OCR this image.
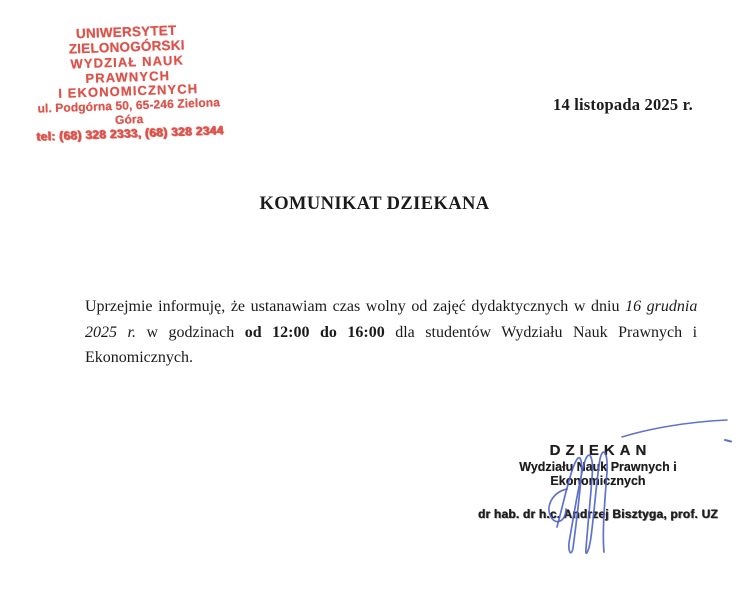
UNIWERSYTET ZIELONOGÓRSKI
WYDZIAŁ NAUK PRAWNYCH
I EKONOMICZNYCH
ul. Podgórna 50, 65-246 Zielona Góra
tel: (68) 328 2333, (68) 328 2344
14 listopada 2025 r.
KOMUNIKAT DZIEKANA
Uprzejmie informuję, że ustanawiam czas wolny od zajęć dydaktycznych w dniu 16 grudnia
2025 r. w godzinach od 12:00 do 16:00 dla studentów Wydziału Nauk Prawnych i
Ekonomicznych.
DZIEKAN
Wydziału Nauk Prawnych i Ekonomicznych
dr hab. dr h.c. Andrzej Bisztyga, prof. UZ
